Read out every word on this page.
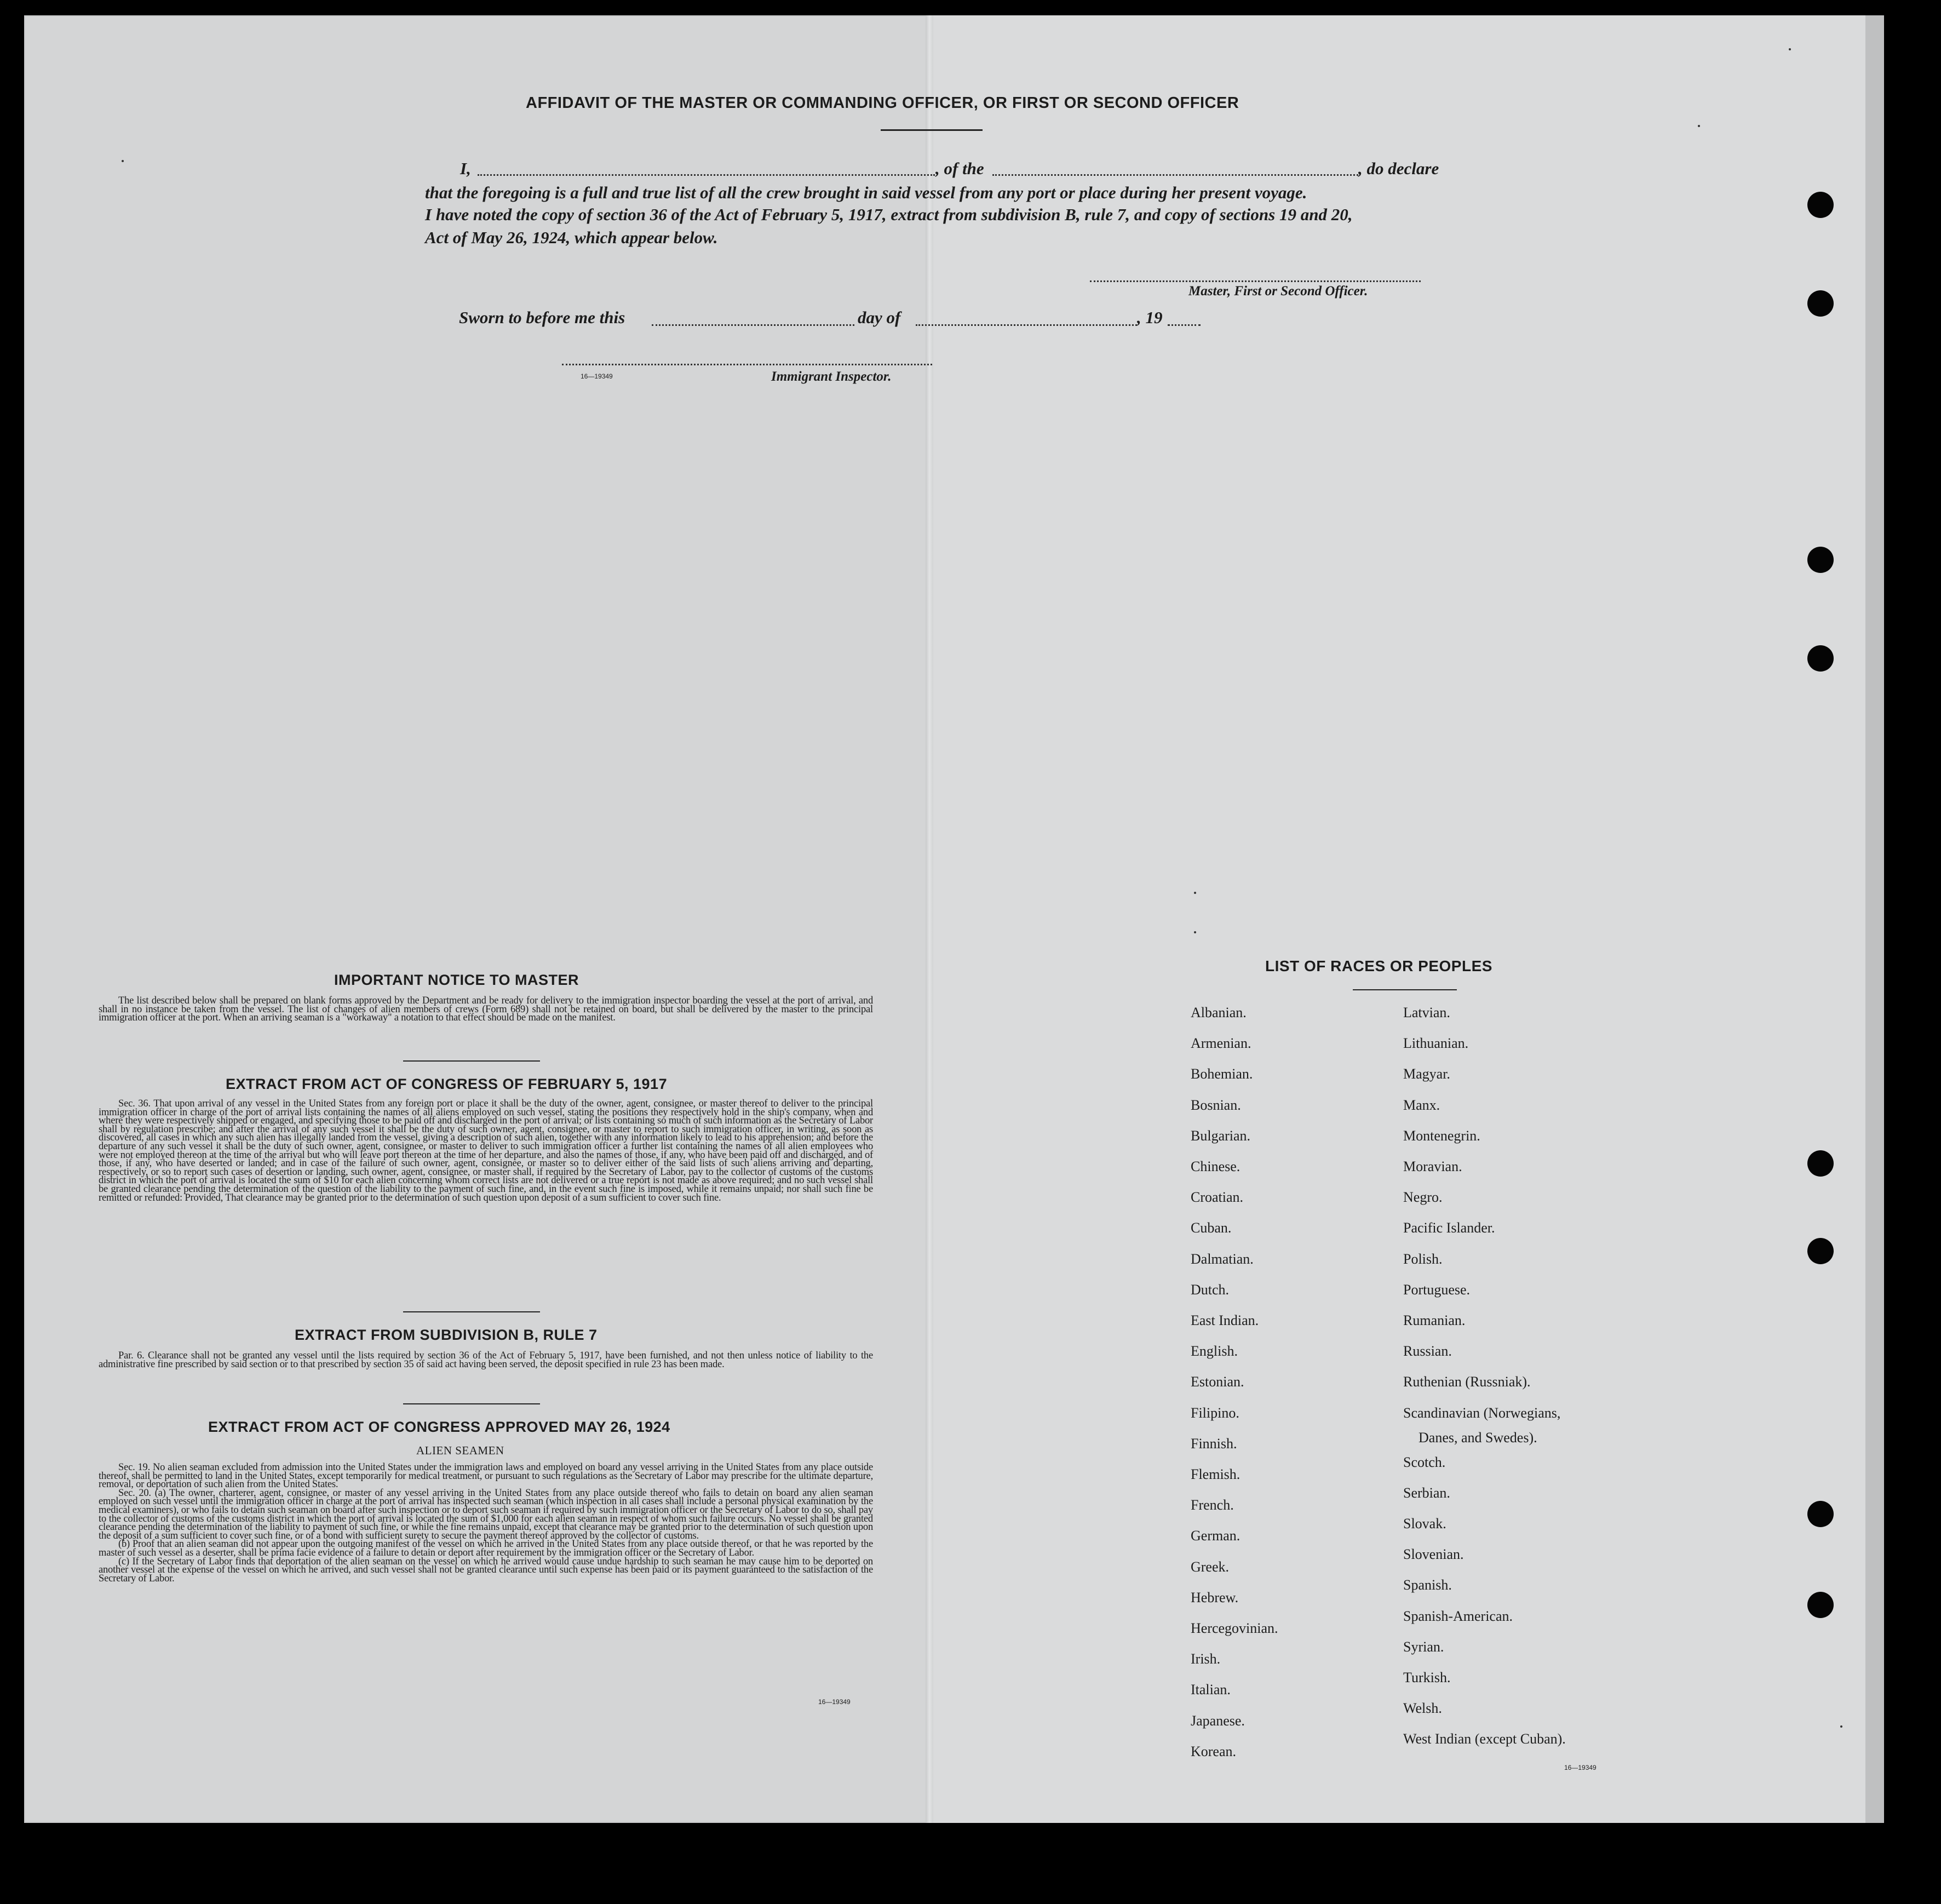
AFFIDAVIT OF THE MASTER OR COMMANDING OFFICER, OR FIRST OR SECOND OFFICER
I,	, of the	, do declare
that the foregoing is a full and true list of all the crew brought in said vessel from any port or place during her present voyage.
I have noted the copy of section 36 of the Act of February 5, 1917, extract from subdivision B, rule 7, and copy of sections 19 and 20,
Act of May 26, 1924, which appear below.
Master, First or Second Officer.
Sworn to before me this	day of	, 19
16—19349	Immigrant Inspector.
IMPORTANT NOTICE TO MASTER

The list described below shall be prepared on blank forms approved by the Department and be ready for delivery to the immigration inspector boarding the vessel at the port of arrival, and shall in no instance be taken from the vessel. The list of changes of alien members of crews (Form 689) shall not be retained on board, but shall be delivered by the master to the principal immigration officer at the port. When an arriving seaman is a "workaway" a notation to that effect should be made on the manifest.

EXTRACT FROM ACT OF CONGRESS OF FEBRUARY 5, 1917

Sec. 36. That upon arrival of any vessel in the United States from any foreign port or place it shall be the duty of the owner, agent, consignee, or master thereof to deliver to the principal immigration officer in charge of the port of arrival lists containing the names of all aliens employed on such vessel, stating the positions they respectively hold in the ship's company, when and where they were respectively shipped or engaged, and specifying those to be paid off and discharged in the port of arrival; or lists containing so much of such information as the Secretary of Labor shall by regulation prescribe; and after the arrival of any such vessel it shall be the duty of such owner, agent, consignee, or master to report to such immigration officer, in writing, as soon as discovered, all cases in which any such alien has illegally landed from the vessel, giving a description of such alien, together with any information likely to lead to his apprehension; and before the departure of any such vessel it shall be the duty of such owner, agent, consignee, or master to deliver to such immigration officer a further list containing the names of all alien employees who were not employed thereon at the time of the arrival but who will leave port thereon at the time of her departure, and also the names of those, if any, who have been paid off and discharged, and of those, if any, who have deserted or landed; and in case of the failure of such owner, agent, consignee, or master so to deliver either of the said lists of such aliens arriving and departing, respectively, or so to report such cases of desertion or landing, such owner, agent, consignee, or master shall, if required by the Secretary of Labor, pay to the collector of customs of the customs district in which the port of arrival is located the sum of $10 for each alien concerning whom correct lists are not delivered or a true report is not made as above required; and no such vessel shall be granted clearance pending the determination of the question of the liability to the payment of such fine, and, in the event such fine is imposed, while it remains unpaid; nor shall such fine be remitted or refunded: Provided, That clearance may be granted prior to the determination of such question upon deposit of a sum sufficient to cover such fine.

EXTRACT FROM SUBDIVISION B, RULE 7

Par. 6. Clearance shall not be granted any vessel until the lists required by section 36 of the Act of February 5, 1917, have been furnished, and not then unless notice of liability to the administrative fine prescribed by said section or to that prescribed by section 35 of said act having been served, the deposit specified in rule 23 has been made.

EXTRACT FROM ACT OF CONGRESS APPROVED MAY 26, 1924
ALIEN SEAMEN

Sec. 19. No alien seaman excluded from admission into the United States under the immigration laws and employed on board any vessel arriving in the United States from any place outside thereof, shall be permitted to land in the United States, except temporarily for medical treatment, or pursuant to such regulations as the Secretary of Labor may prescribe for the ultimate departure, removal, or deportation of such alien from the United States.

Sec. 20. (a) The owner, charterer, agent, consignee, or master of any vessel arriving in the United States from any place outside thereof who fails to detain on board any alien seaman employed on such vessel until the immigration officer in charge at the port of arrival has inspected such seaman (which inspection in all cases shall include a personal physical examination by the medical examiners), or who fails to detain such seaman on board after such inspection or to deport such seaman if required by such immigration officer or the Secretary of Labor to do so, shall pay to the collector of customs of the customs district in which the port of arrival is located the sum of $1,000 for each alien seaman in respect of whom such failure occurs. No vessel shall be granted clearance pending the determination of the liability to payment of such fine, or while the fine remains unpaid, except that clearance may be granted prior to the determination of such question upon the deposit of a sum sufficient to cover such fine, or of a bond with sufficient surety to secure the payment thereof approved by the collector of customs.

(b) Proof that an alien seaman did not appear upon the outgoing manifest of the vessel on which he arrived in the United States from any place outside thereof, or that he was reported by the master of such vessel as a deserter, shall be prima facie evidence of a failure to detain or deport after requirement by the immigration officer or the Secretary of Labor.

(c) If the Secretary of Labor finds that deportation of the alien seaman on the vessel on which he arrived would cause undue hardship to such seaman he may cause him to be deported on another vessel at the expense of the vessel on which he arrived, and such vessel shall not be granted clearance until such expense has been paid or its payment guaranteed to the satisfaction of the Secretary of Labor.

16—19349
LIST OF RACES OR PEOPLES
Albanian.
Armenian.
Bohemian.
Bosnian.
Bulgarian.
Chinese.
Croatian.
Cuban.
Dalmatian.
Dutch.
East Indian.
English.
Estonian.
Filipino.
Finnish.
Flemish.
French.
German.
Greek.
Hebrew.
Hercegovinian.
Irish.
Italian.
Japanese.
Korean.
Latvian.
Lithuanian.
Magyar.
Manx.
Montenegrin.
Moravian.
Negro.
Pacific Islander.
Polish.
Portuguese.
Rumanian.
Russian.
Ruthenian (Russniak).
Scandinavian (Norwegians,
Scotch.
Serbian.
Slovak.
Slovenian.
Spanish.
Spanish-American.
Syrian.
Turkish.
Welsh.
West Indian (except Cuban).
Danes, and Swedes).
16—19349
